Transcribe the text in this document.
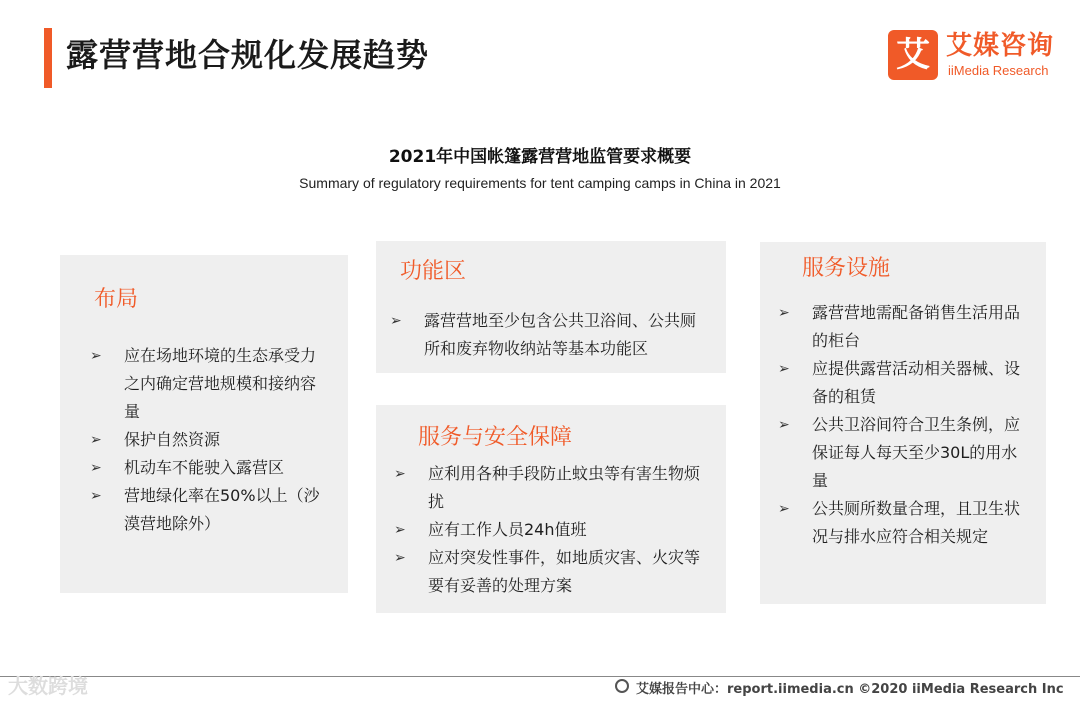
露营营地合规化发展趋势	艾 艾媒咨询
iiMedia Research
2021年中国帐篷露营营地监管要求概要
Summary of regulatory requirements for tent camping camps in China in 2021
布局
➢ 应在场地环境的生态承受力之内确定营地规模和接纳容量
➢ 保护自然资源
➢ 机动车不能驶入露营区
➢ 营地绿化率在50%以上（沙漠营地除外）
功能区
➢ 露营营地至少包含公共卫浴间、公共厕所和废弃物收纳站等基本功能区
服务与安全保障
➢ 应利用各种手段防止蚊虫等有害生物烦扰
➢ 应有工作人员24h值班
➢ 应对突发性事件，如地质灾害、火灾等要有妥善的处理方案
服务设施
➢ 露营营地需配备销售生活用品的柜台
➢ 应提供露营活动相关器械、设备的租赁
➢ 公共卫浴间符合卫生条例，应保证每人每天至少30L的用水量
➢ 公共厕所数量合理，且卫生状况与排水应符合相关规定
大数跨境	艾媒报告中心：report.iimedia.cn ©2020 iiMedia Research Inc
